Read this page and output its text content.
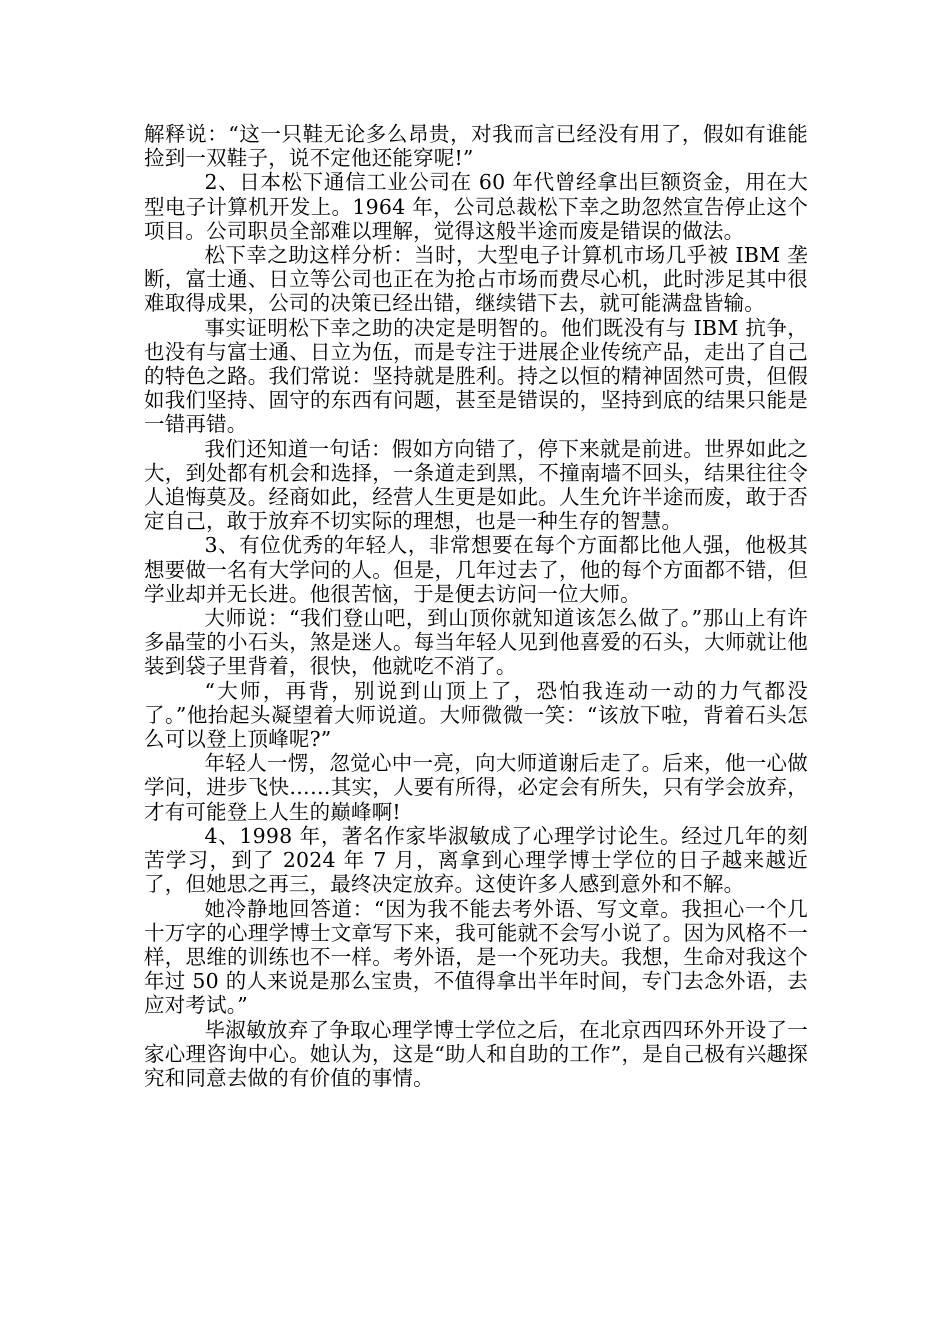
解释说：“这一只鞋无论多么昂贵，对我而言已经没有用了，假如有谁能捡到一双鞋子，说不定他还能穿呢!”

2、日本松下通信工业公司在 60 年代曾经拿出巨额资金，用在大型电子计算机开发上。1964 年，公司总裁松下幸之助忽然宣告停止这个项目。公司职员全部难以理解，觉得这般半途而废是错误的做法。

松下幸之助这样分析：当时，大型电子计算机市场几乎被 IBM 垄断，富士通、日立等公司也正在为抢占市场而费尽心机，此时涉足其中很难取得成果，公司的决策已经出错，继续错下去，就可能满盘皆输。

事实证明松下幸之助的决定是明智的。他们既没有与 IBM 抗争，也没有与富士通、日立为伍，而是专注于进展企业传统产品，走出了自己的特色之路。我们常说：坚持就是胜利。持之以恒的精神固然可贵，但假如我们坚持、固守的东西有问题，甚至是错误的，坚持到底的结果只能是一错再错。

我们还知道一句话：假如方向错了，停下来就是前进。世界如此之大，到处都有机会和选择，一条道走到黑，不撞南墙不回头，结果往往令人追悔莫及。经商如此，经营人生更是如此。人生允许半途而废，敢于否定自己，敢于放弃不切实际的理想，也是一种生存的智慧。

3、有位优秀的年轻人，非常想要在每个方面都比他人强，他极其想要做一名有大学问的人。但是，几年过去了，他的每个方面都不错，但学业却并无长进。他很苦恼，于是便去访问一位大师。

大师说：“我们登山吧，到山顶你就知道该怎么做了。”那山上有许多晶莹的小石头，煞是迷人。每当年轻人见到他喜爱的石头，大师就让他装到袋子里背着，很快，他就吃不消了。

“大师，再背，别说到山顶上了，恐怕我连动一动的力气都没了。”他抬起头凝望着大师说道。大师微微一笑：“该放下啦，背着石头怎么可以登上顶峰呢?”

年轻人一愣，忽觉心中一亮，向大师道谢后走了。后来，他一心做学问，进步飞快……其实，人要有所得，必定会有所失，只有学会放弃，才有可能登上人生的巅峰啊!

4、1998 年，著名作家毕淑敏成了心理学讨论生。经过几年的刻苦学习，到了 2024 年 7 月，离拿到心理学博士学位的日子越来越近了，但她思之再三，最终决定放弃。这使许多人感到意外和不解。

她冷静地回答道：“因为我不能去考外语、写文章。我担心一个几十万字的心理学博士文章写下来，我可能就不会写小说了。因为风格不一样，思维的训练也不一样。考外语，是一个死功夫。我想，生命对我这个年过 50 的人来说是那么宝贵，不值得拿出半年时间，专门去念外语，去应对考试。”

毕淑敏放弃了争取心理学博士学位之后，在北京西四环外开设了一家心理咨询中心。她认为，这是“助人和自助的工作”，是自己极有兴趣探究和同意去做的有价值的事情。
